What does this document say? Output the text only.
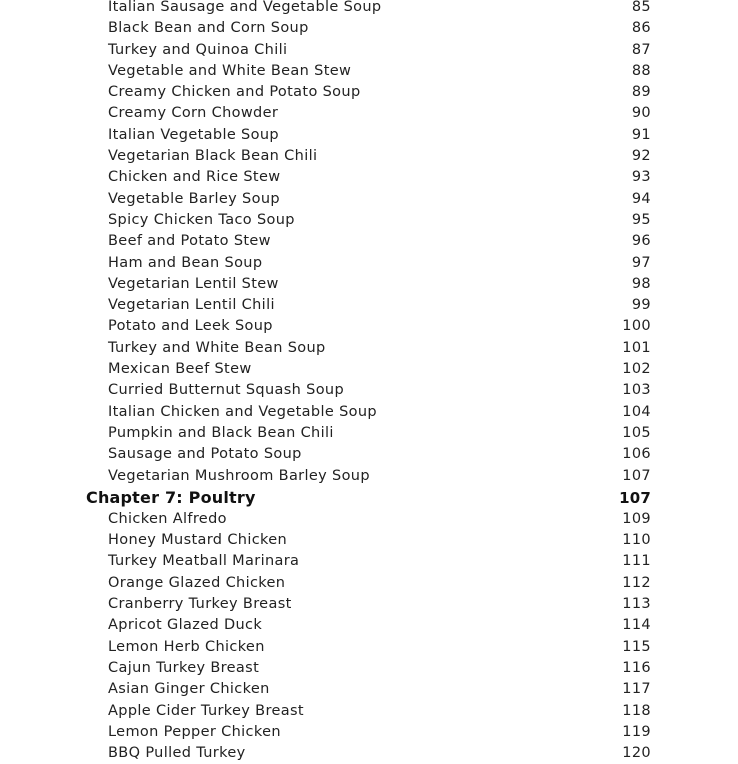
Italian Sausage and Vegetable Soup	85
Black Bean and Corn Soup	86
Turkey and Quinoa Chili	87
Vegetable and White Bean Stew	88
Creamy Chicken and Potato Soup	89
Creamy Corn Chowder	90
Italian Vegetable Soup	91
Vegetarian Black Bean Chili	92
Chicken and Rice Stew	93
Vegetable Barley Soup	94
Spicy Chicken Taco Soup	95
Beef and Potato Stew	96
Ham and Bean Soup	97
Vegetarian Lentil Stew	98
Vegetarian Lentil Chili	99
Potato and Leek Soup	100
Turkey and White Bean Soup	101
Mexican Beef Stew	102
Curried Butternut Squash Soup	103
Italian Chicken and Vegetable Soup	104
Pumpkin and Black Bean Chili	105
Sausage and Potato Soup	106
Vegetarian Mushroom Barley Soup	107
Chapter 7: Poultry	107
Chicken Alfredo	109
Honey Mustard Chicken	110
Turkey Meatball Marinara	111
Orange Glazed Chicken	112
Cranberry Turkey Breast	113
Apricot Glazed Duck	114
Lemon Herb Chicken	115
Cajun Turkey Breast	116
Asian Ginger Chicken	117
Apple Cider Turkey Breast	118
Lemon Pepper Chicken	119
BBQ Pulled Turkey	120
